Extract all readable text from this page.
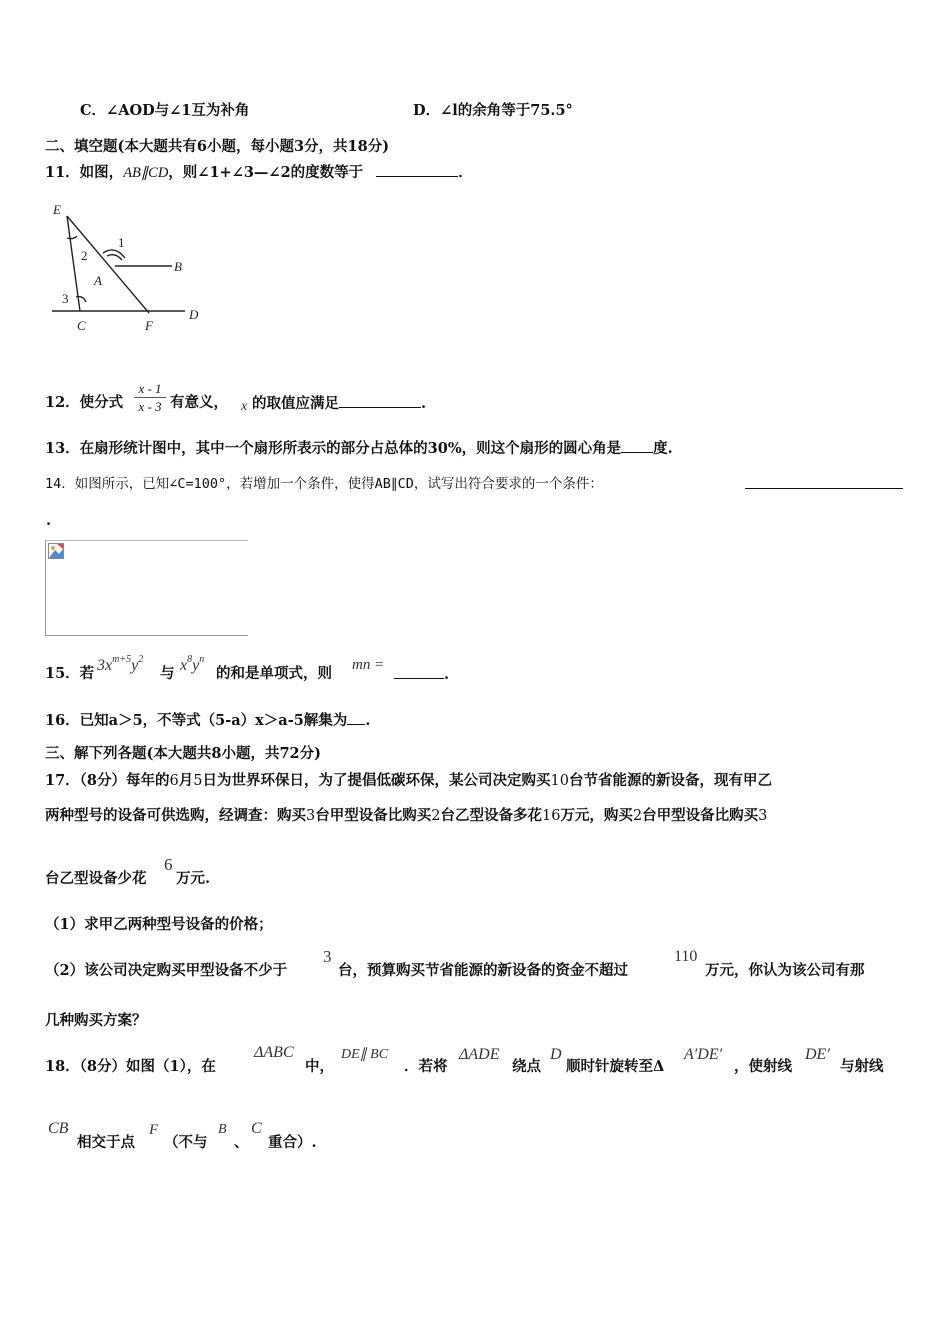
C．∠AOD与∠1互为补角	D．∠l的余角等于75.5°
二、填空题(本大题共有6小题，每小题3分，共18分)
11．如图，AB∥CD，则∠1+∠3—∠2的度数等于	．
E
2
1
A
B
3
C	F
D
12．使分式
x - 1
x - 3 有意义， x 的取值应满足	.
13．在扇形统计图中，其中一个扇形所表示的部分占总体的30%，则这个扇形的圆心角是 度.
14．如图所示，已知∠C=100°，若增加一个条件，使得AB∥CD，试写出符合要求的一个条件：
.
15．若 $3x^{m+5}y^2$
与 $x^8y^n$
的和是单项式，则 mn =
.
16．已知a＞5，不等式（5-a）x＞a-5解集为 .
三、解下列各题(本大题共8小题，共72分)
17．（8分）每年的6月5日为世界环保日，为了提倡低碳环保，某公司决定购买10台节省能源的新设备，现有甲乙
两种型号的设备可供选购，经调查：购买3台甲型设备比购买2台乙型设备多花16万元，购买2台甲型设备比购买3
台乙型设备少花
6
万元.
（1）求甲乙两种型号设备的价格；
（2）该公司决定购买甲型设备不少于
3
台，预算购买节省能源的新设备的资金不超过
110
万元，你认为该公司有那
几种购买方案？
18．（8分）如图（1），在
ΔABC
中，
DE∥ BC
．若将
ΔADE
绕点
D
顺时针旋转至Δ
A′DE′
，使射线
DE′
与射线
CB
相交于点
F
（不与
B
、
C
重合）.
